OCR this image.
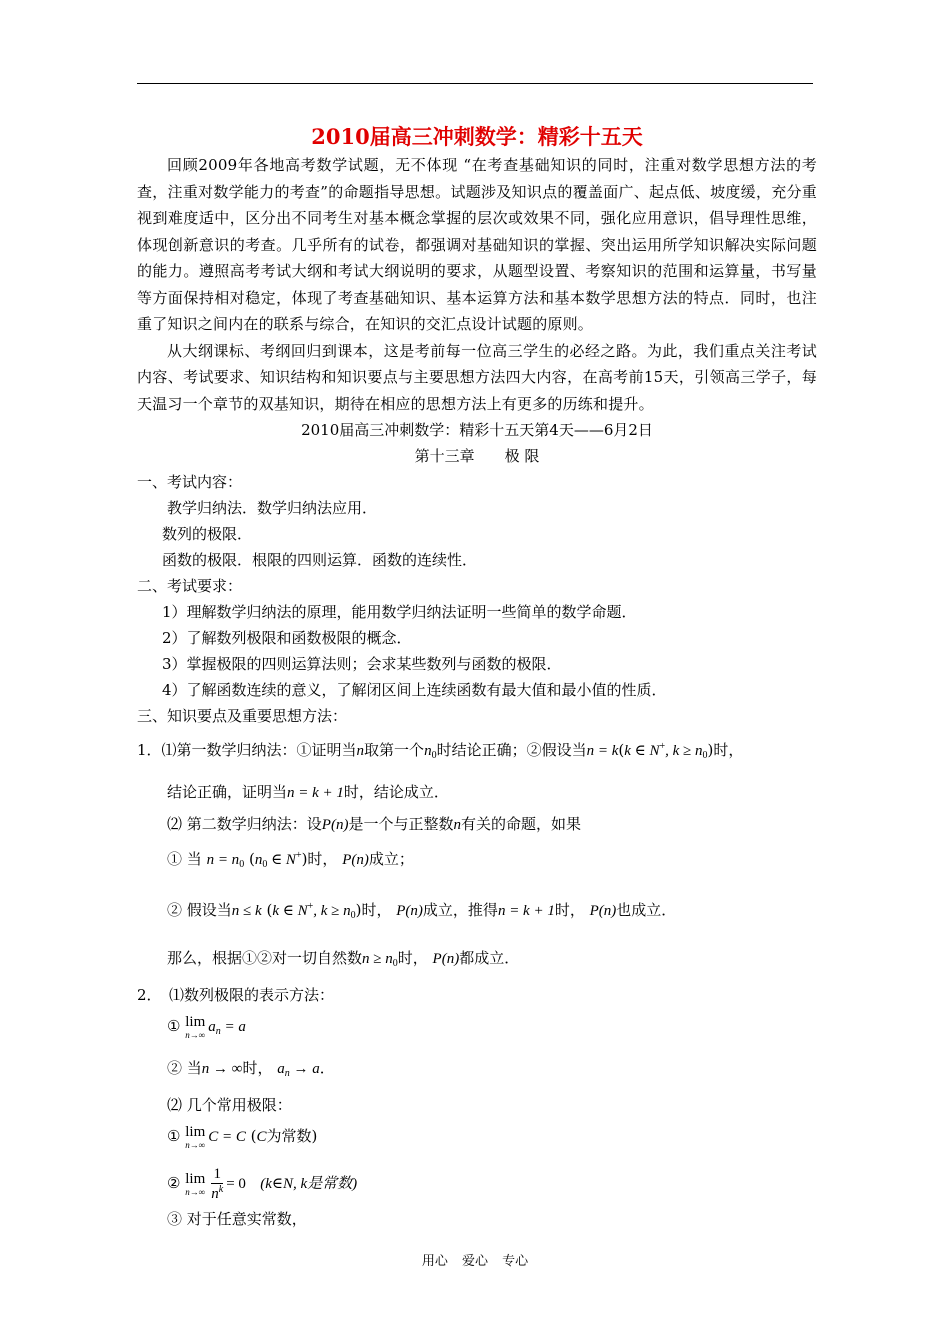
2010届高三冲刺数学：精彩十五天

回顾2009年各地高考数学试题，无不体现 “在考查基础知识的同时，注重对数学思想方法的考查，注重对数学能力的考查”的命题指导思想。试题涉及知识点的覆盖面广、起点低、坡度缓，充分重视到难度适中，区分出不同考生对基本概念掌握的层次或效果不同，强化应用意识，倡导理性思维，体现创新意识的考查。几乎所有的试卷，都强调对基础知识的掌握、突出运用所学知识解决实际问题的能力。遵照高考考试大纲和考试大纲说明的要求，从题型设置、考察知识的范围和运算量，书写量等方面保持相对稳定，体现了考查基础知识、基本运算方法和基本数学思想方法的特点．同时，也注重了知识之间内在的联系与综合，在知识的交汇点设计试题的原则。

从大纲课标、考纲回归到课本，这是考前每一位高三学生的必经之路。为此，我们重点关注考试内容、考试要求、知识结构和知识要点与主要思想方法四大内容，在高考前15天，引领高三学子，每天温习一个章节的双基知识，期待在相应的思想方法上有更多的历练和提升。

2010届高三冲刺数学：精彩十五天第4天——6月2日

第十三章　　极 限

一、考试内容：

教学归纳法．数学归纳法应用．

数列的极限．

函数的极限．根限的四则运算．函数的连续性．

二、考试要求：

1）理解数学归纳法的原理，能用数学归纳法证明一些简单的数学命题．

2）了解数列极限和函数极限的概念．

3）掌握极限的四则运算法则；会求某些数列与函数的极限．

4）了解函数连续的意义，了解闭区间上连续函数有最大值和最小值的性质．

三、知识要点及重要思想方法：

1．⑴第一数学归纳法：①证明当n取第一个$n_0$时结论正确；②假设当n = k(k ∈ N+, $k \ge n_0$)时，

结论正确，证明当n = k + 1时，结论成立．

⑵ 第二数学归纳法：设P(n)是一个与正整数n有关的命题，如果

① 当 $n = n_0$ ($n_0$ ∈ N+)时， P(n)成立；

② 假设当n ≤ k (k ∈ N+, $k \ge n_0$)时， P(n)成立，推得n = k + 1时， P(n)也成立．

那么，根据①②对一切自然数$n \ge n_0$时， P(n)都成立．

2．　⑴数列极限的表示方法：

① lim
n→∞ $a_n = a$

② 当n → ∞时， $a_n \to a$．

⑵ 几个常用极限：

① lim
n→∞ C = C (C为常数)

② lim
$n\to\infty \frac{1}{n^k} = 0$ (k∈N, k是常数)

③ 对于任意实常数，

用心 爱心 专心
